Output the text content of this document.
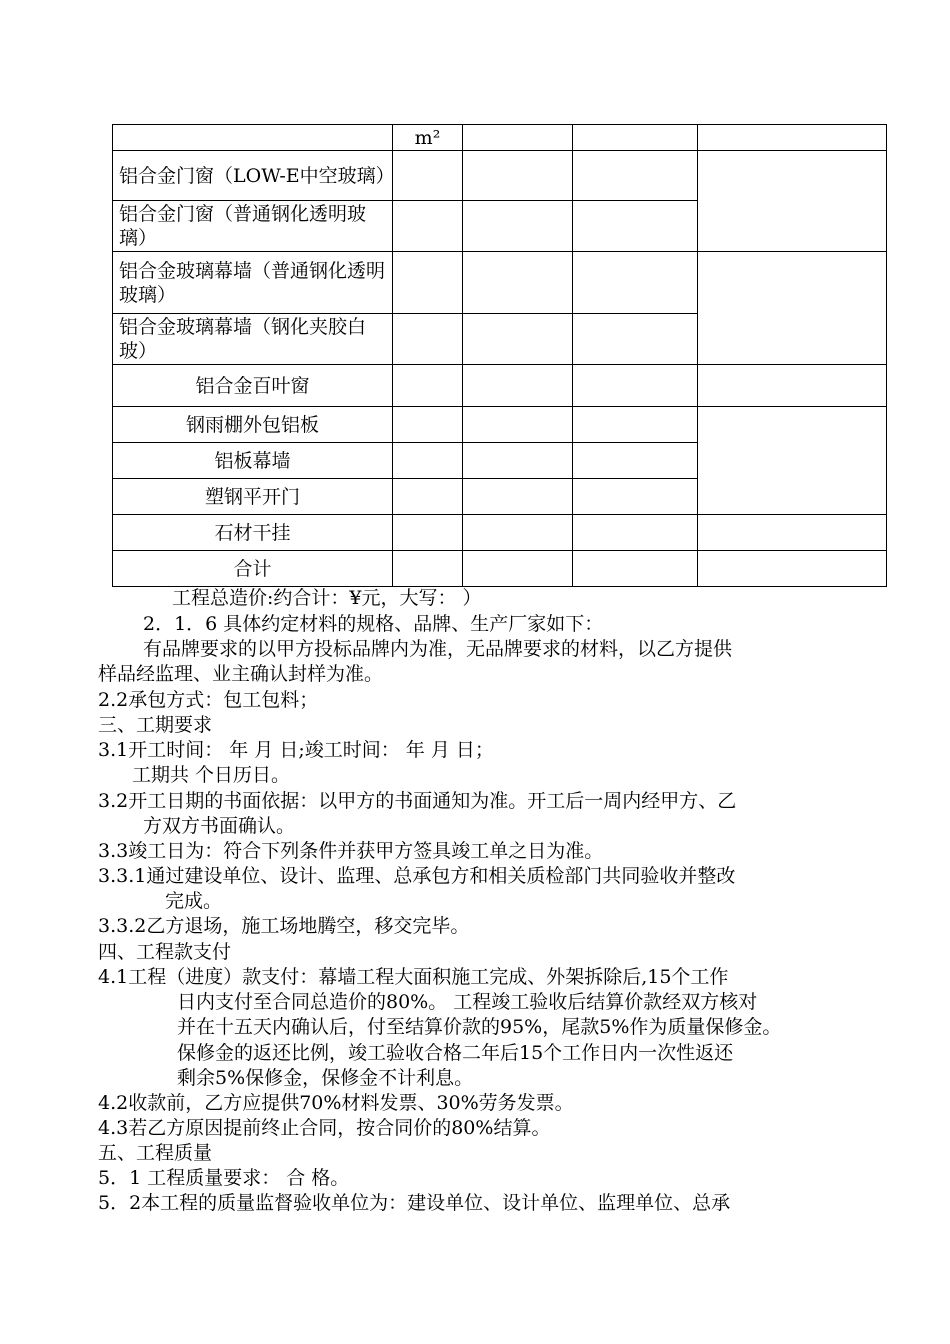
	m²			
铝合金门窗（LOW-E中空玻璃）				
铝合金门窗（普通钢化透明玻璃）				
铝合金玻璃幕墙（普通钢化透明玻璃）				
铝合金玻璃幕墙（钢化夹胶白玻）				
铝合金百叶窗				
钢雨棚外包铝板				
铝板幕墙				
塑钢平开门				
石材干挂				
合计				
工程总造价:约合计：¥元，大写： ）
2．1．6 具体约定材料的规格、品牌、生产厂家如下：
有品牌要求的以甲方投标品牌内为准，无品牌要求的材料，以乙方提供
样品经监理、业主确认封样为准。
2.2承包方式：包工包料；
三、工期要求
3.1开工时间： 年 月 日;竣工时间： 年 月 日；
工期共 个日历日。
3.2开工日期的书面依据：以甲方的书面通知为准。开工后一周内经甲方、乙
方双方书面确认。
3.3竣工日为：符合下列条件并获甲方签具竣工单之日为准。
3.3.1通过建设单位、设计、监理、总承包方和相关质检部门共同验收并整改
完成。
3.3.2乙方退场，施工场地腾空，移交完毕。
四、工程款支付
4.1工程（进度）款支付：幕墙工程大面积施工完成、外架拆除后,15个工作
日内支付至合同总造价的80%。 工程竣工验收后结算价款经双方核对
并在十五天内确认后，付至结算价款的95%，尾款5%作为质量保修金。
保修金的返还比例，竣工验收合格二年后15个工作日内一次性返还
剩余5%保修金，保修金不计利息。
4.2收款前，乙方应提供70%材料发票、30%劳务发票。
4.3若乙方原因提前终止合同，按合同价的80%结算。
五、工程质量
5．1 工程质量要求： 合 格。
5．2本工程的质量监督验收单位为：建设单位、设计单位、监理单位、总承
